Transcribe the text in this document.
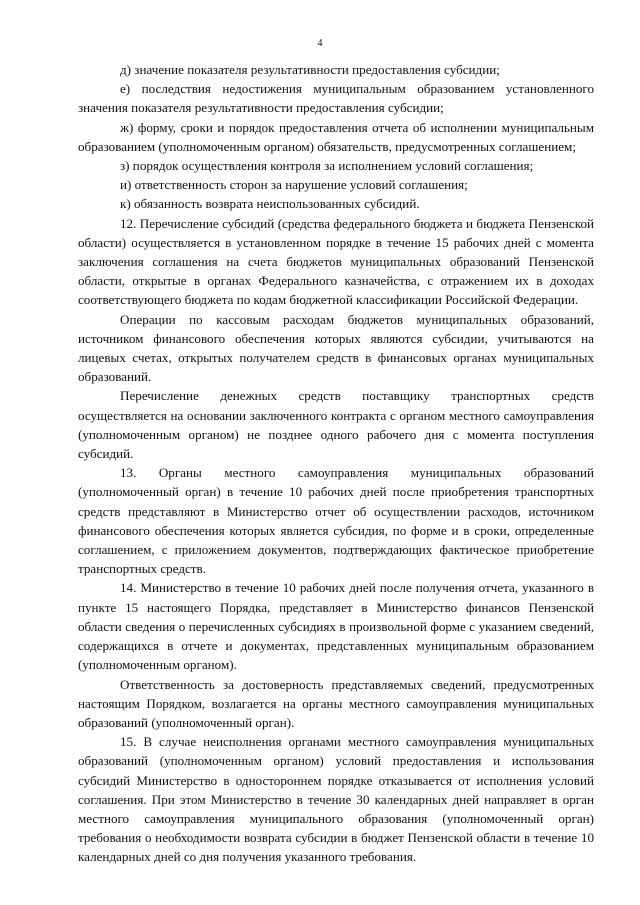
4

д) значение показателя результативности предоставления субсидии;

е) последствия недостижения муниципальным образованием установленного значения показателя результативности предоставления субсидии;

ж) форму, сроки и порядок предоставления отчета об исполнении муниципальным образованием (уполномоченным органом) обязательств, предусмотренных соглашением;

з) порядок осуществления контроля за исполнением условий соглашения;

и) ответственность сторон за нарушение условий соглашения;

к) обязанность возврата неиспользованных субсидий.

12. Перечисление субсидий (средства федерального бюджета и бюджета Пензенской области) осуществляется в установленном порядке в течение 15 рабочих дней с момента заключения соглашения на счета бюджетов муниципальных образований Пензенской области, открытые в органах Федерального казначейства, с отражением их в доходах соответствующего бюджета по кодам бюджетной классификации Российской Федерации.

Операции по кассовым расходам бюджетов муниципальных образований, источником финансового обеспечения которых являются субсидии, учитываются на лицевых счетах, открытых получателем средств в финансовых органах муниципальных образований.

Перечисление денежных средств поставщику транспортных средств осуществляется на основании заключенного контракта с органом местного самоуправления (уполномоченным органом) не позднее одного рабочего дня с момента поступления субсидий.

13. Органы местного самоуправления муниципальных образований (уполномоченный орган) в течение 10 рабочих дней после приобретения транспортных средств представляют в Министерство отчет об осуществлении расходов, источником финансового обеспечения которых является субсидия, по форме и в сроки, определенные соглашением, с приложением документов, подтверждающих фактическое приобретение транспортных средств.

14. Министерство в течение 10 рабочих дней после получения отчета, указанного в пункте 15 настоящего Порядка, представляет в Министерство финансов Пензенской области сведения о перечисленных субсидиях в произвольной форме с указанием сведений, содержащихся в отчете и документах, представленных муниципальным образованием (уполномоченным органом).

Ответственность за достоверность представляемых сведений, предусмотренных настоящим Порядком, возлагается на органы местного самоуправления муниципальных образований (уполномоченный орган).

15. В случае неисполнения органами местного самоуправления муниципальных образований (уполномоченным органом) условий предоставления и использования субсидий Министерство в одностороннем порядке отказывается от исполнения условий соглашения. При этом Министерство в течение 30 календарных дней направляет в орган местного самоуправления муниципального образования (уполномоченный орган) требования о необходимости возврата субсидии в бюджет Пензенской области в течение 10 календарных дней со дня получения указанного требования.
